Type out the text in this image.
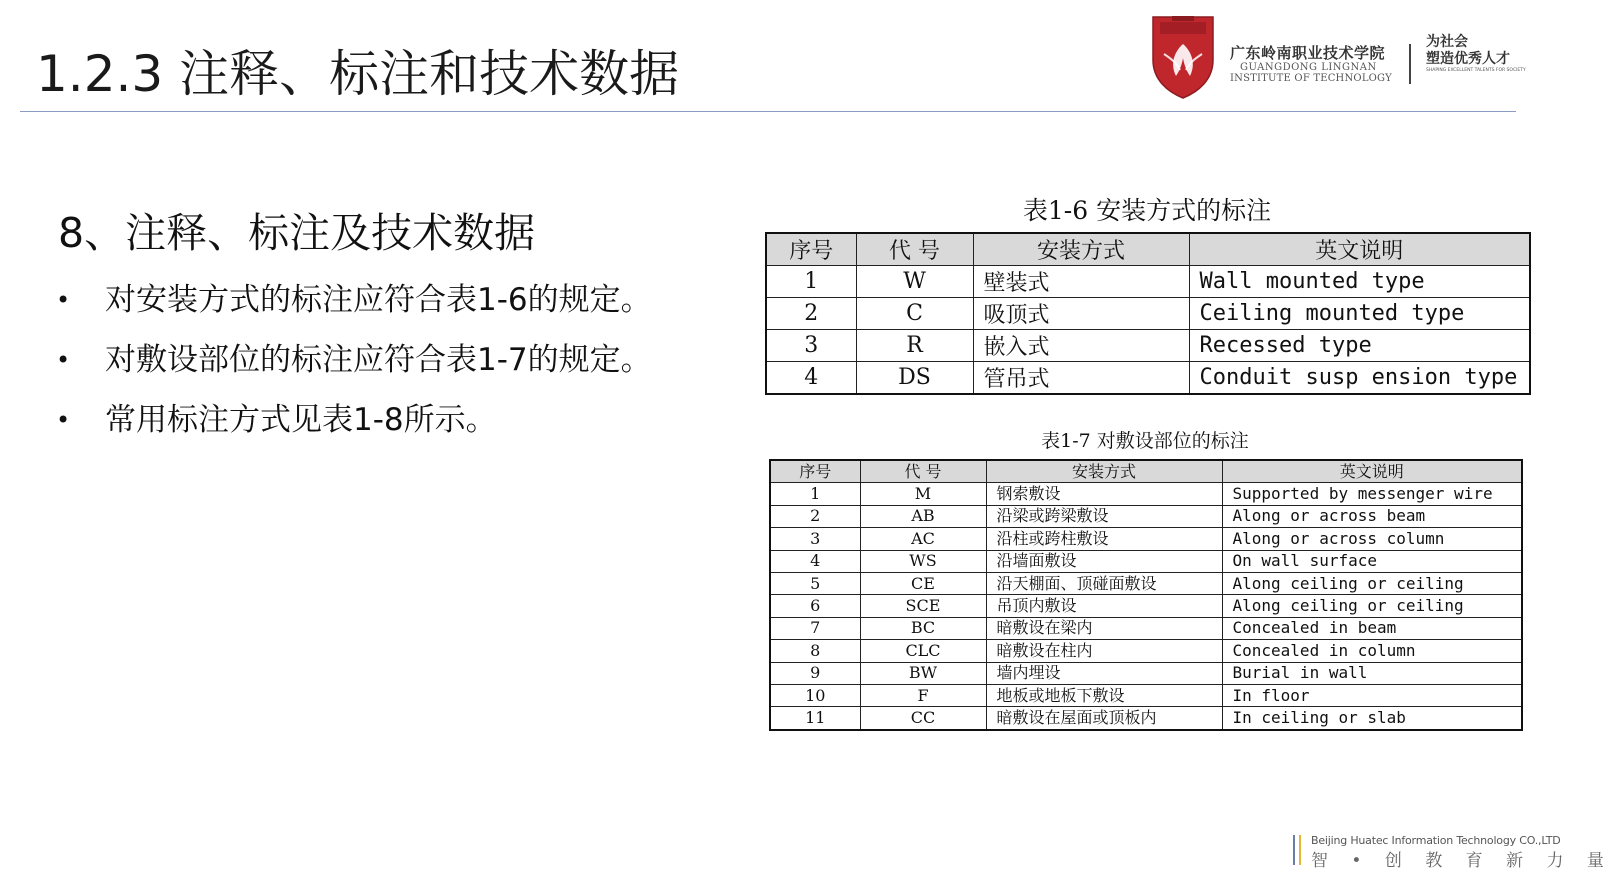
1.2.3 注释、标注和技术数据	广东岭南职业技术学院
GUANGDONG LINGNAN
INSTITUTE OF TECHNOLOGY
为社会
塑造优秀人才
SHAPING EXCELLENT TALENTS FOR SOCIETY
8、注释、标注及技术数据
• 对安装方式的标注应符合表1-6的规定。
• 对敷设部位的标注应符合表1-7的规定。
• 常用标注方式见表1-8所示。
表1-6 安装方式的标注
序号	代 号	安装方式	英文说明
1	W	壁装式	Wall mounted type
2	C	吸顶式	Ceiling mounted type
3	R	嵌入式	Recessed type
4	DS	管吊式	Conduit susp ension type
表1-7 对敷设部位的标注
序号	代 号	安装方式	英文说明
1	M	钢索敷设	Supported by messenger wire
2	AB	沿梁或跨梁敷设	Along or across beam
3	AC	沿柱或跨柱敷设	Along or across column
4	WS	沿墙面敷设	On wall surface
5	CE	沿天棚面、顶碰面敷设	Along ceiling or ceiling
6	SCE	吊顶内敷设	Along ceiling or ceiling
7	BC	暗敷设在梁内	Concealed in beam
8	CLC	暗敷设在柱内	Concealed in column
9	BW	墙内埋设	Burial in wall
10	F	地板或地板下敷设	In floor
11	CC	暗敷设在屋面或顶板内	In ceiling or slab
Beijing Huatec Information Technology CO.,LTD
智 • 创 教 育 新 力 量
